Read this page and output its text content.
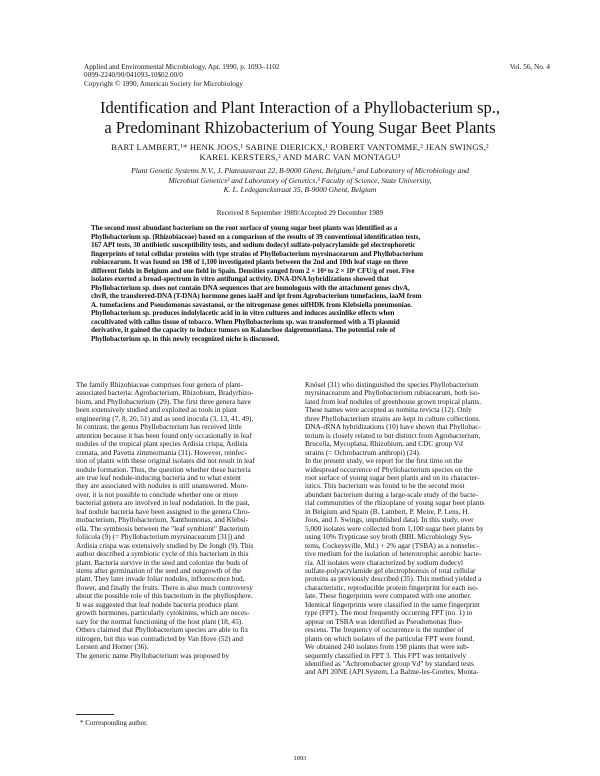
Applied and Environmental Microbiology, Apr. 1990, p. 1093–1102
0099-2240/90/041093-10$02.00/0
Copyright © 1990, American Society for Microbiology
Vol. 56, No. 4
Identification and Plant Interaction of a Phyllobacterium sp.,
a Predominant Rhizobacterium of Young Sugar Beet Plants
BART LAMBERT,¹* HENK JOOS,¹ SABINE DIERICKX,¹ ROBERT VANTOMME,² JEAN SWINGS,²
KAREL KERSTERS,² AND MARC VAN MONTAGU³
Plant Genetic Systems N.V., J. Plateaustraat 22, B-9000 Ghent, Belgium,¹ and Laboratory of Microbiology and
Microbial Genetics² and Laboratory of Genetics,³ Faculty of Science, State University,
K. L. Ledeganckstraat 35, B-9000 Ghent, Belgium
Received 8 September 1989/Accepted 29 December 1989
The second most abundant bacterium on the root surface of young sugar beet plants was identified as a
Phyllobacterium sp. (Rhizobiaceae) based on a comparison of the results of 39 conventional identification tests,
167 API tests, 30 antibiotic susceptibility tests, and sodium dodecyl sulfate-polyacrylamide gel electrophoretic
fingerprints of total cellular proteins with type strains of Phyllobacterium myrsinacearum and Phyllobacterium
rubiacearum. It was found on 198 of 1,100 investigated plants between the 2nd and 10th leaf stage on three
different fields in Belgium and one field in Spain. Densities ranged from 2 × 10⁴ to 2 × 10⁶ CFU/g of root. Five
isolates exerted a broad-spectrum in vitro antifungal activity. DNA-DNA hybridizations showed that
Phyllobacterium sp. does not contain DNA sequences that are homologous with the attachment genes chvA,
chvB, the transferred-DNA (T-DNA) hormone genes iaaH and ipt from Agrobacterium tumefaciens, iaaM from
A. tumefaciens and Pseudomonas savastanoi, or the nitrogenase genes nifHDK from Klebsiella pneumoniae.
Phyllobacterium sp. produces indolylacetic acid in in vitro cultures and induces auxinlike effects when
cocultivated with callus tissue of tobacco. When Phyllobacterium sp. was transformed with a Ti plasmid
derivative, it gained the capacity to induce tumors on Kalanchoe daigremontiana. The potential role of
Phyllobacterium sp. in this newly recognized niche is discussed.
The family Rhizobiaceae comprises four genera of plant-
associated bacteria: Agrobacterium, Rhizobium, Bradyrhizo-
bium, and Phyllobacterium (29). The first three genera have
been extensively studied and exploited as tools in plant
engineering (7, 8, 20, 51) and as seed inocula (3, 13, 41, 49).
In contrast, the genus Phyllobacterium has received little
attention because it has been found only occasionally in leaf
nodules of the tropical plant species Ardisia crispa, Ardisia
crenata, and Pavetta zimmermania (31). However, reinfec-
tion of plants with these original isolates did not result in leaf
nodule formation. Thus, the question whether these bacteria
are true leaf nodule-inducing bacteria and to what extent
they are associated with nodules is still unanswered. More-
over, it is not possible to conclude whether one or more
bacterial genera are involved in leaf nodulation. In the past,
leaf nodule bacteria have been assigned to the genera Chro-
mobacterium, Phyllobacterium, Xanthomonas, and Klebsi-
ella. The symbiosis between the "leaf symbiont" Bacterium
foliicola (9) (= Phyllobacterium myrsinacearum [31]) and
Ardisia crispa was extensively studied by De Jongh (9). This
author described a symbiotic cycle of this bacterium in this
plant. Bacteria survive in the seed and colonize the buds of
stems after germination of the seed and outgrowth of the
plant. They later invade foliar nodules, inflorescence bud,
flower, and finally the fruits. There is also much controversy
about the possible role of this bacterium in the phyllosphere.
It was suggested that leaf nodule bacteria produce plant
growth hormones, particularly cytokinins, which are neces-
sary for the normal functioning of the host plant (18, 45).
Others claimed that Phyllobacterium species are able to fix
nitrogen, but this was contradicted by Van Hove (52) and
Lersten and Horner (36).
The generic name Phyllobacterium was proposed by
Knösel (31) who distinguished the species Phyllobacterium
myrsinacearum and Phyllobacterium rubiacearum, both iso-
lated from leaf nodules of greenhouse grown tropical plants.
These names were accepted as nomina revicta (12). Only
three Phyllobacterium strains are kept in culture collections.
DNA-rRNA hybridizations (10) have shown that Phyllobac-
terium is closely related to but distinct from Agrobacterium,
Brucella, Mycoplana, Rhizobium, and CDC group Vd
strains (= Ochrobactrum anthropi) (24).
In the present study, we report for the first time on the
widespread occurrence of Phyllobacterium species on the
root surface of young sugar beet plants and on its character-
istics. This bacterium was found to be the second most
abundant bacterium during a large-scale study of the bacte-
rial communities of the rhizoplane of young sugar beet plants
in Belgium and Spain (B. Lambert, P. Meire, P. Lens, H.
Joos, and J. Swings, unpublished data). In this study, over
5,000 isolates were collected from 1,100 sugar beet plants by
using 10% Trypticase soy broth (BBL Microbiology Sys-
tems, Cockeysville, Md.) + 2% agar (TSBA) as a nonselec-
tive medium for the isolation of heterotrophic aerobic bacte-
ria. All isolates were characterized by sodium dodecyl
sulfate-polyacrylamide gel electrophoresis of total cellular
proteins as previously described (35). This method yielded a
characteristic, reproducible protein fingerprint for each iso-
late. These fingerprints were compared with one another.
Identical fingerprints were classified in the same fingerprint
type (FPT). The most frequently occurring FPT (no. 1) to
appear on TSBA was identified as Pseudomonas fluo-
rescens. The frequency of occurrence is the number of
plants on which isolates of the particular FPT were found.
We obtained 240 isolates from 198 plants that were sub-
sequently classified in FPT 3. This FPT was tentatively
identified as "Achromobacter group Vd" by standard tests
and API 20NE (API System, La Balme-les-Grottes, Monta-
* Corresponding author.
1093
